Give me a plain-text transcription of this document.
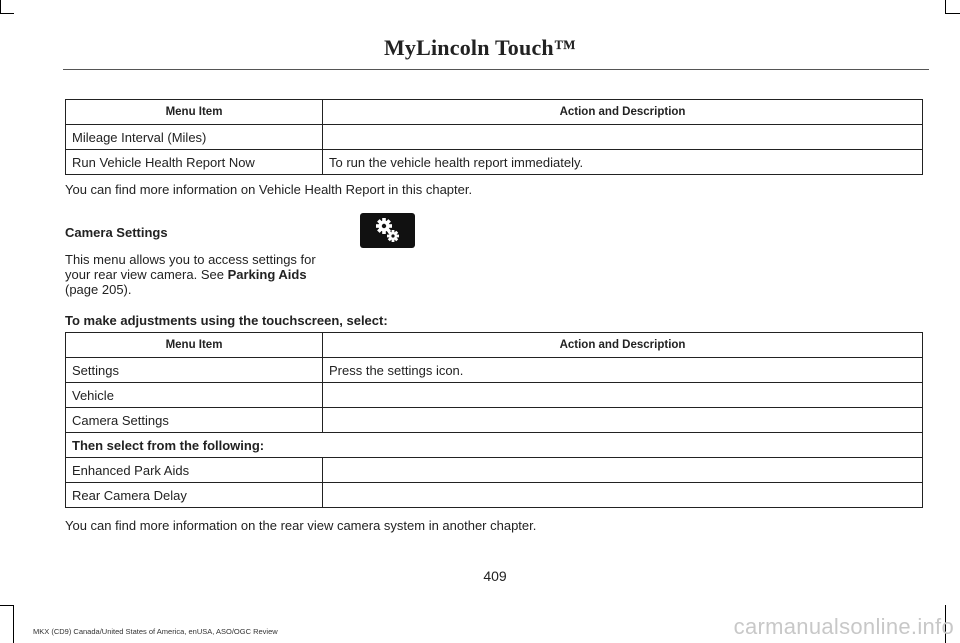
MyLincoln Touch™
Menu Item	Action and Description
Mileage Interval (Miles)	
Run Vehicle Health Report Now	To run the vehicle health report immediately.
You can find more information on Vehicle Health Report in this chapter.
Camera Settings
This menu allows you to access settings for
your rear view camera. See Parking Aids
(page 205).
To make adjustments using the touchscreen, select:
Menu Item	Action and Description
Settings	Press the settings icon.
Vehicle	
Camera Settings	
Then select from the following:	
Enhanced Park Aids	
Rear Camera Delay	
You can find more information on the rear view camera system in another chapter.
409
MKX (CD9) Canada/United States of America, enUSA, ASO/OGC Review	carmanualsonline.info
